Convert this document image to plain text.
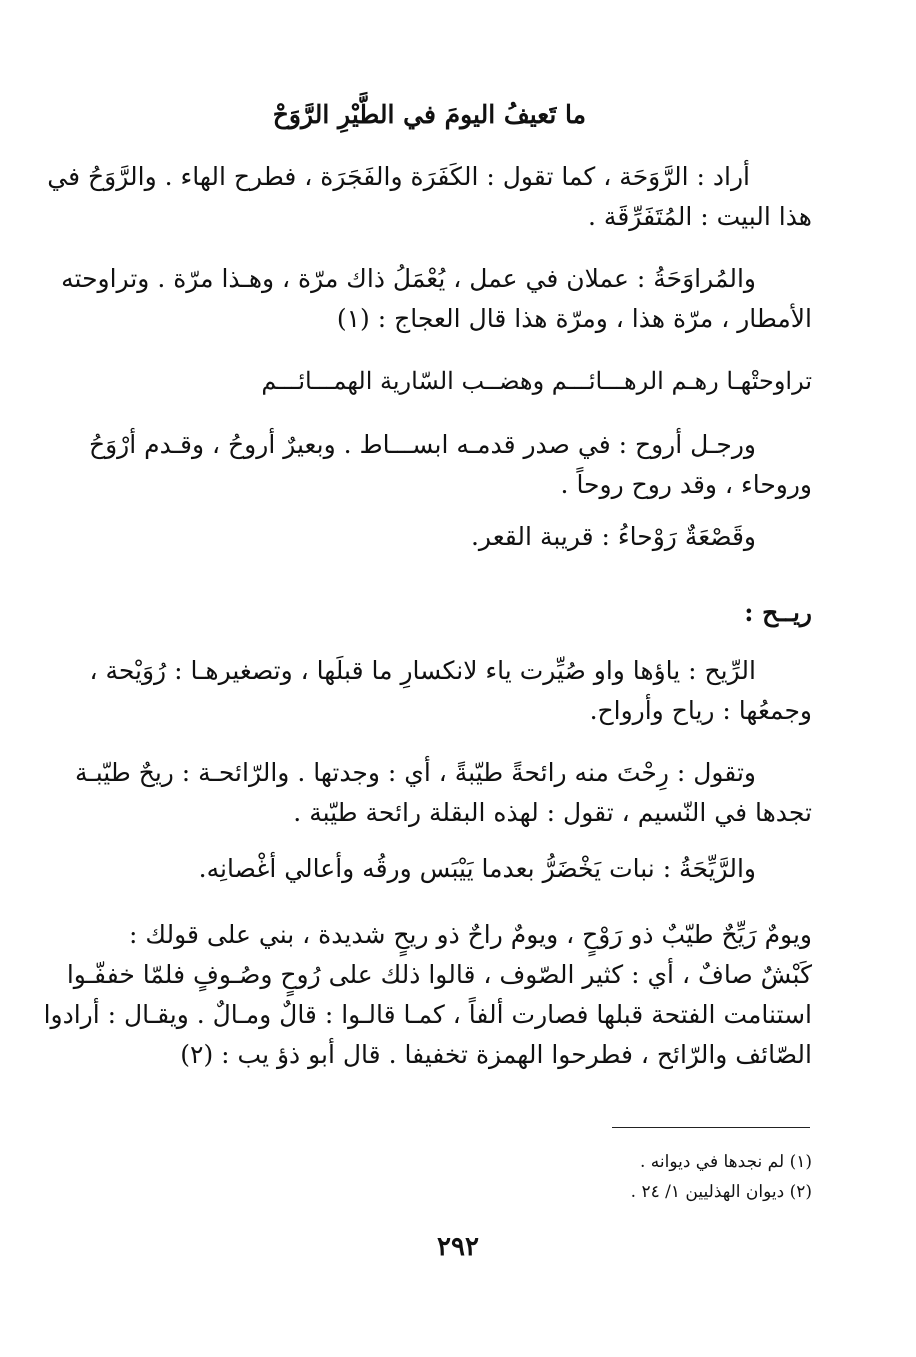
ما تَعيفُ اليومَ في الطَّيْرِ الرَّوَحْ
أراد : الرَّوَحَة ، كما تقول : الكَفَرَة والفَجَرَة ، فطرح الهاء . والرَّوَحُ في
هذا البيت : المُتَفَرِّقَة .
والمُراوَحَةُ : عملان في عمل ، يُعْمَلُ ذاك مرّة ، وهـذا مرّة . وتراوحته
الأمطار ، مرّة هذا ، ومرّة هذا قال العجاج : (١)
تراوحتْهـا رهـم الرهـــائـــم وهضــب السّارية الهمـــائـــم
ورجـل أروح : في صدر قدمـه ابســـاط . وبعيرٌ أروحُ ، وقـدم أرْوَحُ
وروحاء ، وقد روح روحاً .
وقَصْعَةٌ رَوْحاءُ : قريبة القعر.
ريــح :
الرِّيح : ياؤها واو صُيِّرت ياء لانكسارِ ما قبلَها ، وتصغيرهـا : رُوَيْحة ،
وجمعُها : رياح وأرواح.
وتقول : رِحْتَ منه رائحةً طيّبةً ، أي : وجدتها . والرّائحـة : ريحٌ طيّبـة
تجدها في النّسيم ، تقول : لهذه البقلة رائحة طيّبة .
والرَّيِّحَةُ : نبات يَخْضَرُّ بعدما يَيْبَس ورقُه وأعالي أغْصانِه.
ويومٌ رَيِّحٌ طيّبٌ ذو رَوْحٍ ، ويومٌ راحٌ ذو ريحٍ شديدة ، بني على قولك :
كَبْشٌ صافٌ ، أي : كثير الصّوف ، قالوا ذلك على رُوحٍ وصُـوفٍ فلمّا خففّـوا
استنامت الفتحة قبلها فصارت ألفاً ، كمـا قالـوا : قالٌ ومـالٌ . ويقـال : أرادوا
الصّائف والرّائح ، فطرحوا الهمزة تخفيفا . قال أبو ذؤ يب : (٢)
(١) لم نجدها في ديوانه .
(٢) ديوان الهذليين ١/ ٢٤ .
٢٩٢
